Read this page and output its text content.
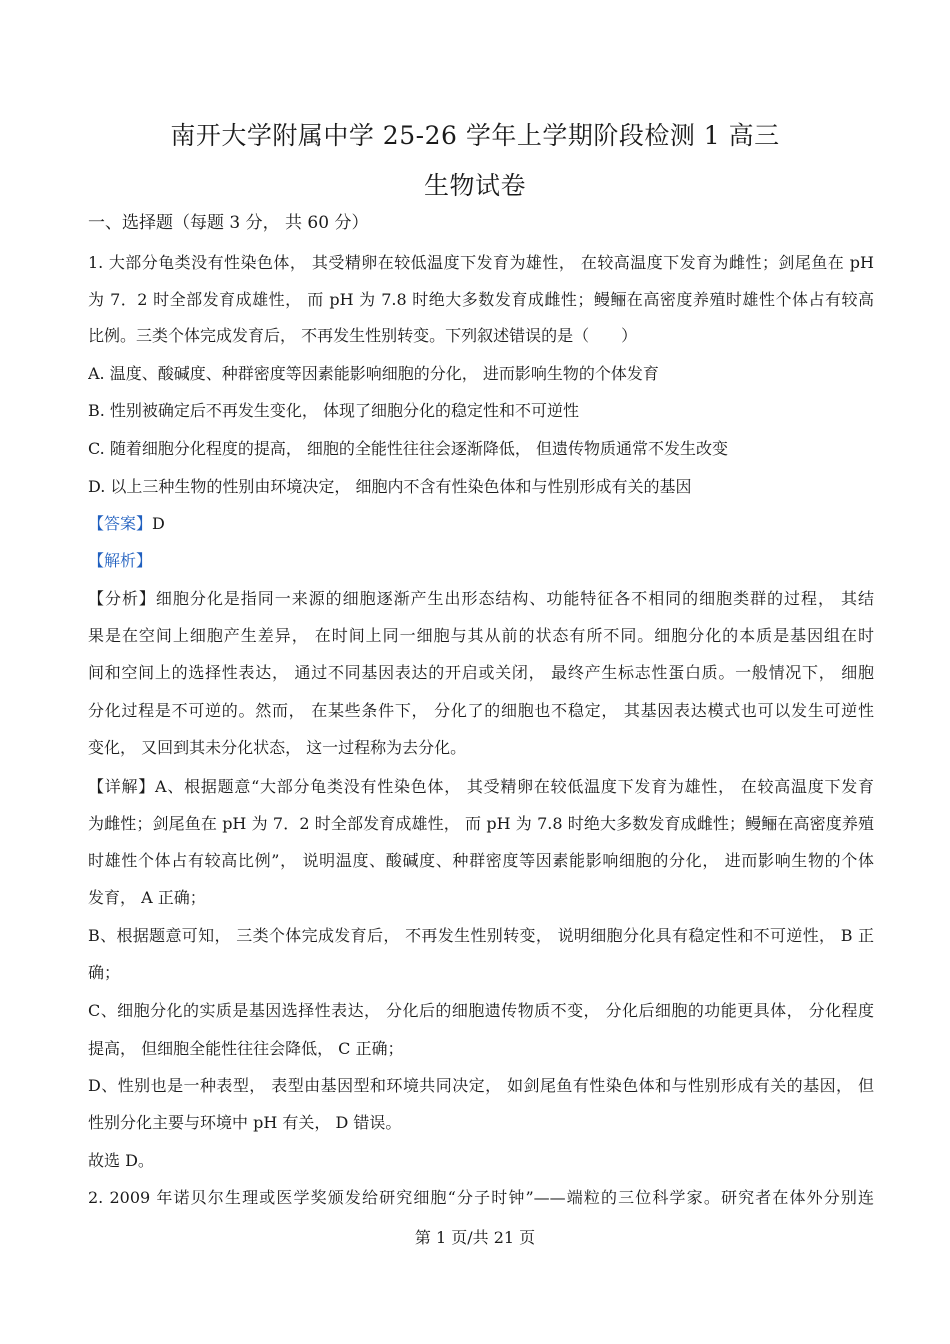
南开大学附属中学 25-26 学年上学期阶段检测 1 高三
生物试卷
一、选择题（每题 3 分， 共 60 分）
1. 大部分龟类没有性染色体， 其受精卵在较低温度下发育为雄性， 在较高温度下发育为雌性；剑尾鱼在 pH
为 7．2 时全部发育成雄性， 而 pH 为 7.8 时绝大多数发育成雌性；鳗鲡在高密度养殖时雄性个体占有较高
比例。三类个体完成发育后， 不再发生性别转变。下列叙述错误的是（　　）
A. 温度、酸碱度、种群密度等因素能影响细胞的分化， 进而影响生物的个体发育
B. 性别被确定后不再发生变化， 体现了细胞分化的稳定性和不可逆性
C. 随着细胞分化程度的提高， 细胞的全能性往往会逐渐降低， 但遗传物质通常不发生改变
D. 以上三种生物的性别由环境决定， 细胞内不含有性染色体和与性别形成有关的基因
【答案】D
【解析】
【分析】细胞分化是指同一来源的细胞逐渐产生出形态结构、功能特征各不相同的细胞类群的过程， 其结
果是在空间上细胞产生差异， 在时间上同一细胞与其从前的状态有所不同。细胞分化的本质是基因组在时
间和空间上的选择性表达， 通过不同基因表达的开启或关闭， 最终产生标志性蛋白质。一般情况下， 细胞
分化过程是不可逆的。然而， 在某些条件下， 分化了的细胞也不稳定， 其基因表达模式也可以发生可逆性
变化， 又回到其未分化状态， 这一过程称为去分化。
【详解】A、根据题意“大部分龟类没有性染色体， 其受精卵在较低温度下发育为雄性， 在较高温度下发育
为雌性；剑尾鱼在 pH 为 7．2 时全部发育成雄性， 而 pH 为 7.8 时绝大多数发育成雌性；鳗鲡在高密度养殖
时雄性个体占有较高比例”， 说明温度、酸碱度、种群密度等因素能影响细胞的分化， 进而影响生物的个体
发育， A 正确；
B、根据题意可知， 三类个体完成发育后， 不再发生性别转变， 说明细胞分化具有稳定性和不可逆性， B 正
确；
C、细胞分化的实质是基因选择性表达， 分化后的细胞遗传物质不变， 分化后细胞的功能更具体， 分化程度
提高， 但细胞全能性往往会降低， C 正确；
D、性别也是一种表型， 表型由基因型和环境共同决定， 如剑尾鱼有性染色体和与性别形成有关的基因， 但
性别分化主要与环境中 pH 有关， D 错误。
故选 D。
2. 2009 年诺贝尔生理或医学奖颁发给研究细胞“分子时钟”——端粒的三位科学家。研究者在体外分别连
第 1 页/共 21 页
